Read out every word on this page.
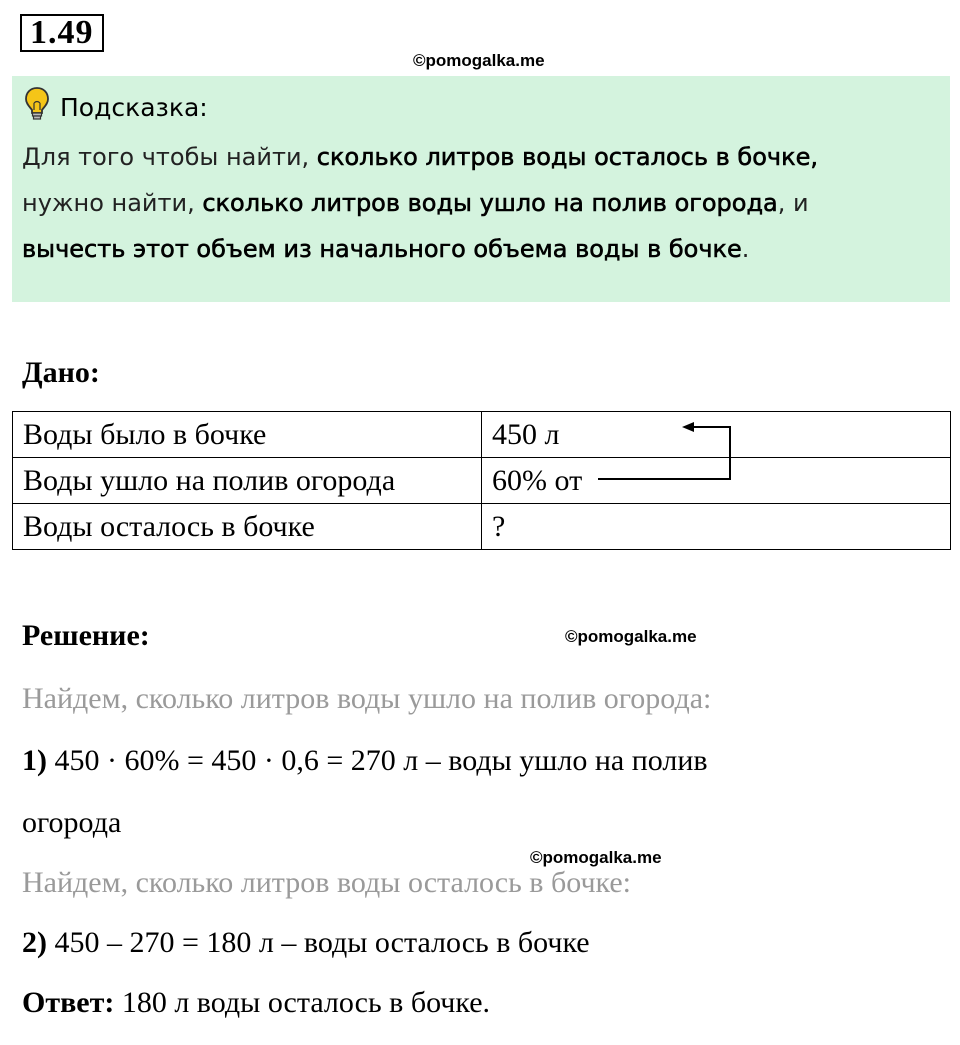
1.49
©pomogalka.me
Подсказка:
Для того чтобы найти, сколько литров воды осталось в бочке,
нужно найти, сколько литров воды ушло на полив огорода, и
вычесть этот объем из начального объема воды в бочке.
Дано:
Воды было в бочке	450 л
Воды ушло на полив огорода	60% от
Воды осталось в бочке	?
Решение:	©pomogalka.me
Найдем, сколько литров воды ушло на полив огорода:
1) 450 · 60% = 450 · 0,6 = 270 л – воды ушло на полив
огорода
©pomogalka.me
Найдем, сколько литров воды осталось в бочке:
2) 450 – 270 = 180 л – воды осталось в бочке
Ответ: 180 л воды осталось в бочке.
